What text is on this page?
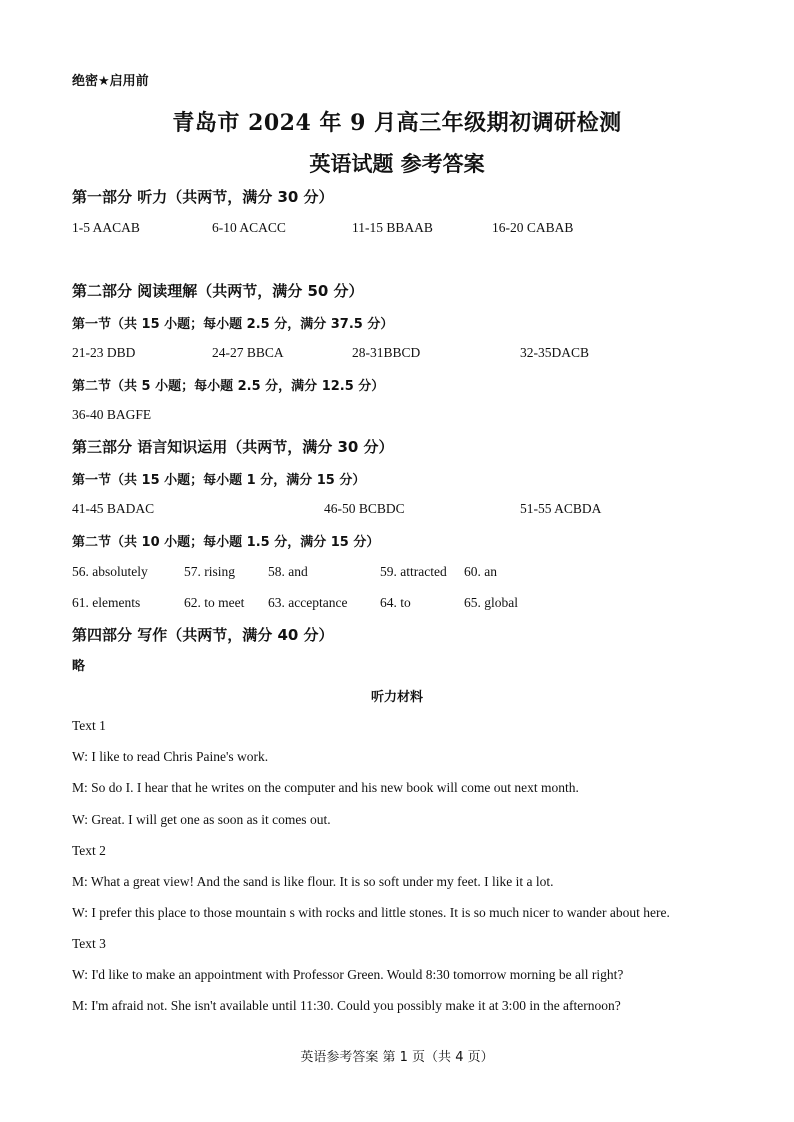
绝密★启用前
青岛市 2024 年 9 月高三年级期初调研检测
英语试题 参考答案
第一部分 听力（共两节，满分 30 分）
1-5 AACAB	6-10 ACACC	11-15 BBAAB	16-20 CABAB
第二部分 阅读理解（共两节，满分 50 分）
第一节（共 15 小题；每小题 2.5 分，满分 37.5 分）
21-23 DBD	24-27 BBCA	28-31BBCD	32-35DACB
第二节（共 5 小题；每小题 2.5 分，满分 12.5 分）
36-40 BAGFE
第三部分 语言知识运用（共两节，满分 30 分）
第一节（共 15 小题；每小题 1 分，满分 15 分）
41-45 BADAC	46-50 BCBDC	51-55 ACBDA
第二节（共 10 小题；每小题 1.5 分，满分 15 分）
56. absolutely	57. rising 58. and	59. attracted 60. an
61. elements	62. to meet 63. acceptance 64. to	65. global
第四部分 写作（共两节，满分 40 分）
略
听力材料
Text 1
W: I like to read Chris Paine's work.
M: So do I. I hear that he writes on the computer and his new book will come out next month.
W: Great. I will get one as soon as it comes out.
Text 2
M: What a great view! And the sand is like flour. It is so soft under my feet. I like it a lot.
W: I prefer this place to those mountain s with rocks and little stones. It is so much nicer to wander about here.
Text 3
W: I'd like to make an appointment with Professor Green. Would 8:30 tomorrow morning be all right?
M: I'm afraid not. She isn't available until 11:30. Could you possibly make it at 3:00 in the afternoon?
英语参考答案 第 1 页（共 4 页）
